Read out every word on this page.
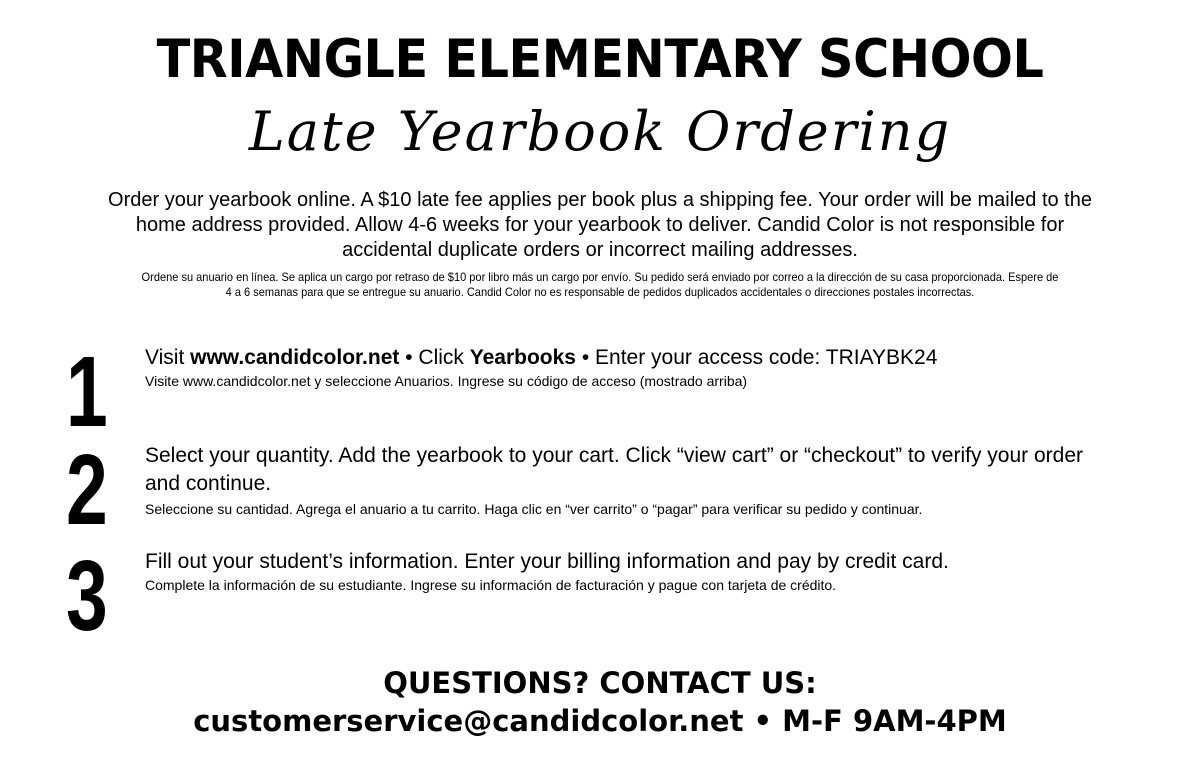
TRIANGLE ELEMENTARY SCHOOL
Late Yearbook Ordering
Order your yearbook online. A $10 late fee applies per book plus a shipping fee. Your order will be mailed to the home address provided. Allow 4-6 weeks for your yearbook to deliver. Candid Color is not responsible for accidental duplicate orders or incorrect mailing addresses.
Ordene su anuario en línea. Se aplica un cargo por retraso de $10 por libro más un cargo por envío. Su pedido será enviado por correo a la dirección de su casa proporcionada. Espere de 4 a 6 semanas para que se entregue su anuario. Candid Color no es responsable de pedidos duplicados accidentales o direcciones postales incorrectas.
1 Visit www.candidcolor.net • Click Yearbooks • Enter your access code: TRIAYBK24

Visite www.candidcolor.net y seleccione Anuarios. Ingrese su código de acceso (mostrado arriba)

2 Select your quantity. Add the yearbook to your cart. Click “view cart” or “checkout” to verify your order and continue.

Seleccione su cantidad. Agrega el anuario a tu carrito. Haga clic en “ver carrito” o “pagar” para verificar su pedido y continuar.

3 Fill out your student’s information. Enter your billing information and pay by credit card.

Complete la información de su estudiante. Ingrese su información de facturación y pague con tarjeta de crédito.

QUESTIONS? CONTACT US:
customerservice@candidcolor.net • M-F 9AM-4PM
